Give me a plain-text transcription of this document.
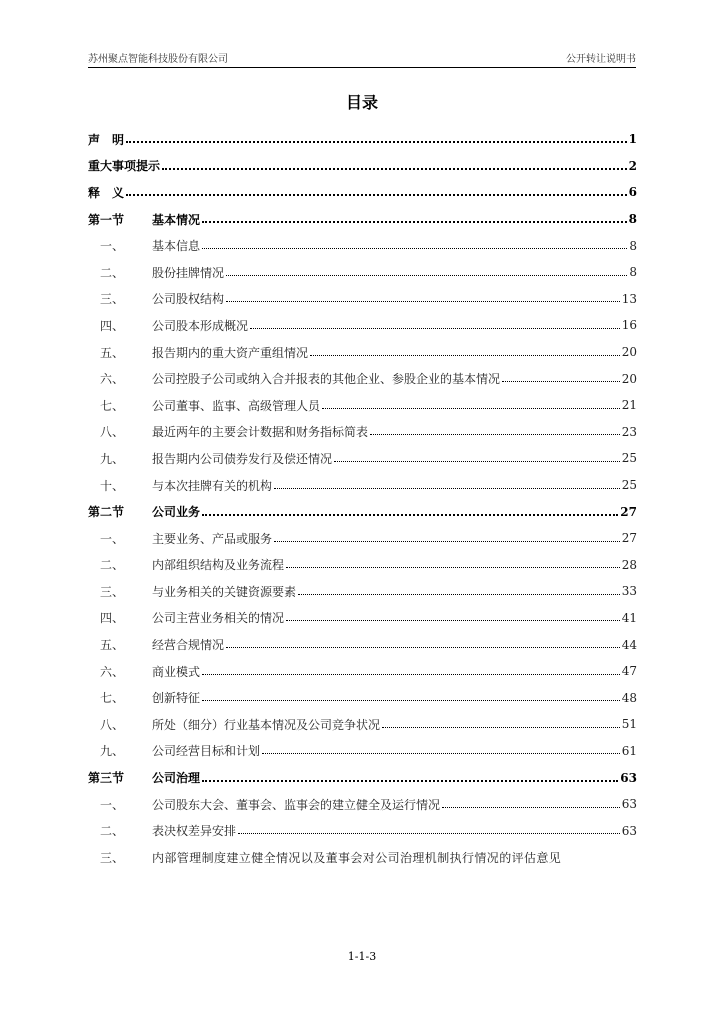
苏州聚点智能科技股份有限公司	公开转让说明书
目录
声　明	1
重大事项提示	2
释　义	6
第一节	基本情况	8
一、	基本信息	8
二、	股份挂牌情况	8
三、	公司股权结构	13
四、	公司股本形成概况	16
五、	报告期内的重大资产重组情况	20
六、	公司控股子公司或纳入合并报表的其他企业、参股企业的基本情况	20
七、	公司董事、监事、高级管理人员	21
八、	最近两年的主要会计数据和财务指标简表	23
九、	报告期内公司债券发行及偿还情况	25
十、	与本次挂牌有关的机构	25
第二节	公司业务	27
一、	主要业务、产品或服务	27
二、	内部组织结构及业务流程	28
三、	与业务相关的关键资源要素	33
四、	公司主营业务相关的情况	41
五、	经营合规情况	44
六、	商业模式	47
七、	创新特征	48
八、	所处（细分）行业基本情况及公司竞争状况	51
九、	公司经营目标和计划	61
第三节	公司治理	63
一、	公司股东大会、董事会、监事会的建立健全及运行情况	63
二、	表决权差异安排	63
三、	内部管理制度建立健全情况以及董事会对公司治理机制执行情况的评估意见
1-1-3
